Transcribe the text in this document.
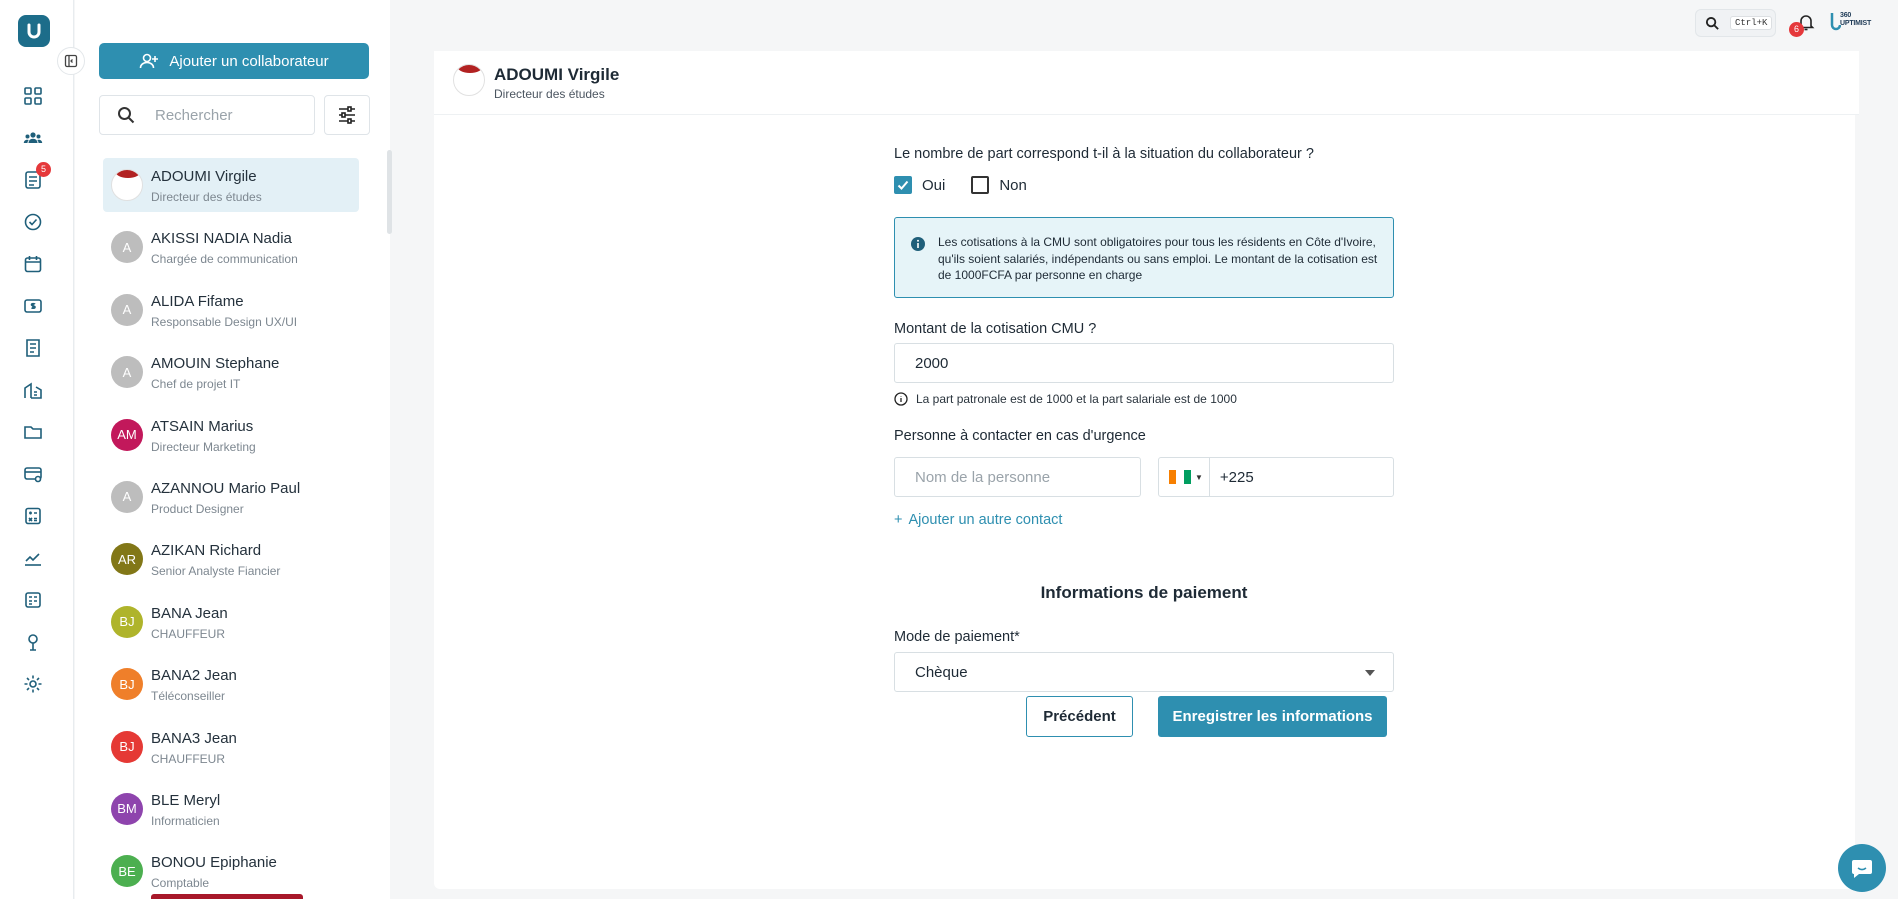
5
Ajouter un collaborateur
Rechercher
ADOUMI Virgile
Directeur des études
A	AKISSI NADIA Nadia
Chargée de communication
A	ALIDA Fifame
Responsable Design UX/UI
A	AMOUIN Stephane
Chef de projet IT
AM ATSAIN Marius
Directeur Marketing
A	AZANNOU Mario Paul
Product Designer
AR AZIKAN Richard
Senior Analyste Fiancier
BJ	BANA Jean
CHAUFFEUR
BJ	BANA2 Jean
Téléconseiller
BJ	BANA3 Jean
CHAUFFEUR
BM BLE Meryl
Informaticien
BE	BONOU Epiphanie
Comptable
Ctrl+K
6
360
UPTIMIST
ADOUMI Virgile
Directeur des études
Le nombre de part correspond t-il à la situation du collaborateur ?
Oui	Non
Les cotisations à la CMU sont obligatoires pour tous les résidents en Côte d'Ivoire, qu'ils soient salariés, indépendants ou sans emploi. Le montant de la cotisation est de 1000FCFA par personne en charge
Montant de la cotisation CMU ?
2000
La part patronale est de 1000 et la part salariale est de 1000
Personne à contacter en cas d'urgence
Nom de la personne	▼ +225
+ Ajouter un autre contact
Informations de paiement
Mode de paiement*
Chèque
Précédent	Enregistrer les informations
